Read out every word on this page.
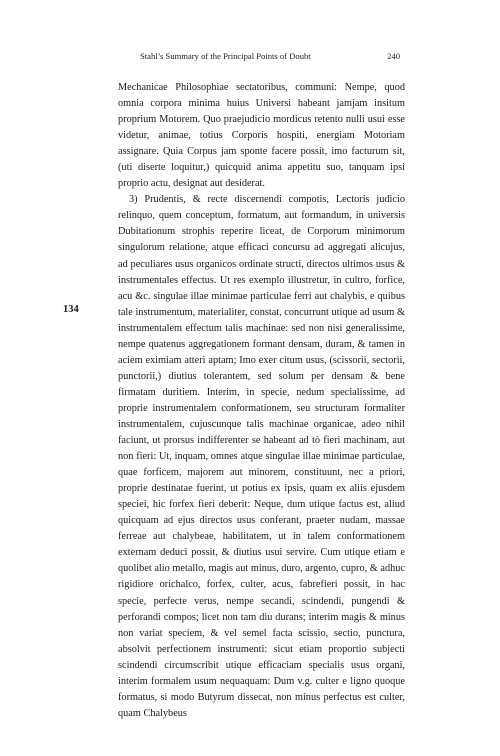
Stahl’s Summary of the Principal Points of Doubt	240
134

Mechanicae Philosophiae sectatoribus, communi: Nempe, quod omnia corpora minima huius Universi habeant jamjam insitum proprium Motorem. Quo praejudicio mordicus retento nulli usui esse videtur, animae, totius Corporis hospiti, energiam Motoriam assignare. Quia Corpus jam sponte facere possit, imo facturum sit, (uti diserte loquitur,) quicquid anima appetitu suo, tanquam ipsi proprio actu, designat aut desiderat.

3) Prudentis, & recte discernendi compotis, Lectoris judicio relinquo, quem conceptum, formatum, aut formandum, in universis Dubitationum strophis reperire liceat, de Corporum minimorum singulorum relatione, atque efficaci concursu ad aggregati alicujus, ad peculiares usus organicos ordinate structi, directos ultimos usus & instrumentales effectus. Ut res exemplo illustretur, in cultro, forfice, acu &c. singulae illae minimae particulae ferri aut chalybis, e quibus tale instrumentum, materialiter, constat, concurrunt utique ad usum & instrumentalem effectum talis machinae: sed non nisi generalissime, nempe quatenus aggregationem formant densam, duram, & tamen in aciem eximiam atteri aptam; Imo exer citum usus, (scissorii, sectorii, punctorii,) diutius tolerantem, sed solum per densam & bene firmatam duritiem. Interim, in specie, nedum specialissime, ad proprie instrumentalem conformationem, seu structuram formaliter instrumentalem, cujuscunque talis machinae organicae, adeo nihil faciunt, ut prorsus indifferenter se habeant ad tò fieri machinam, aut non fieri: Ut, inquam, omnes atque singulae illae minimae particulae, quae forficem, majorem aut minorem, constituunt, nec a priori, proprie destinatae fuerint, ut potius ex ipsis, quam ex aliis ejusdem speciei, hic forfex fieri deberit: Neque, dum utique factus est, aliud quicquam ad ejus directos usus conferant, praeter nudam, massae ferreae aut chalybeae, habilitatem, ut in talem conformationem externam deduci possit, & diutius usui servire. Cum utique etiam e quolibet alio metallo, magis aut minus, duro, argento, cupro, & adhuc rigidiore orichalco, forfex, culter, acus, fabrefieri possit, in hac specie, perfecte verus, nempe secandi, scindendi, pungendi & perforandi compos; licet non tam diu durans; interim magis & minus non variat speciem, & vel semel facta scissio, sectio, punctura, absolvit perfectionem instrumenti: sicut etiam proportio subjecti scindendi circumscribit utique efficaciam specialis usus organi, interim formalem usum nequaquam: Dum v.g. culter e ligno quoque formatus, si modo Butyrum dissecat, non minus perfectus est culter, quam Chalybeus
